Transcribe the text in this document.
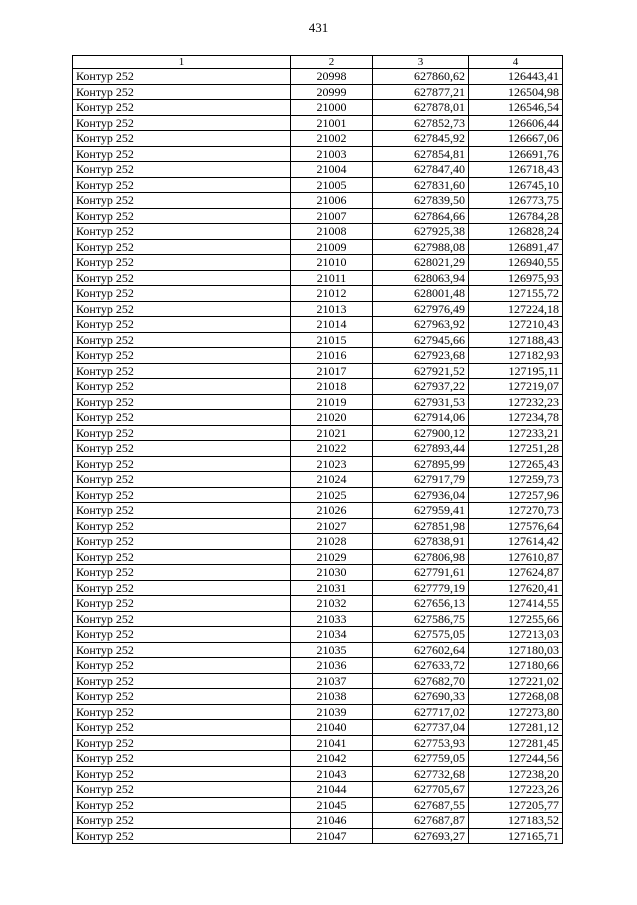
431
1	2	3	4
Контур 252	20998	627860,62	126443,41
Контур 252	20999	627877,21	126504,98
Контур 252	21000	627878,01	126546,54
Контур 252	21001	627852,73	126606,44
Контур 252	21002	627845,92	126667,06
Контур 252	21003	627854,81	126691,76
Контур 252	21004	627847,40	126718,43
Контур 252	21005	627831,60	126745,10
Контур 252	21006	627839,50	126773,75
Контур 252	21007	627864,66	126784,28
Контур 252	21008	627925,38	126828,24
Контур 252	21009	627988,08	126891,47
Контур 252	21010	628021,29	126940,55
Контур 252	21011	628063,94	126975,93
Контур 252	21012	628001,48	127155,72
Контур 252	21013	627976,49	127224,18
Контур 252	21014	627963,92	127210,43
Контур 252	21015	627945,66	127188,43
Контур 252	21016	627923,68	127182,93
Контур 252	21017	627921,52	127195,11
Контур 252	21018	627937,22	127219,07
Контур 252	21019	627931,53	127232,23
Контур 252	21020	627914,06	127234,78
Контур 252	21021	627900,12	127233,21
Контур 252	21022	627893,44	127251,28
Контур 252	21023	627895,99	127265,43
Контур 252	21024	627917,79	127259,73
Контур 252	21025	627936,04	127257,96
Контур 252	21026	627959,41	127270,73
Контур 252	21027	627851,98	127576,64
Контур 252	21028	627838,91	127614,42
Контур 252	21029	627806,98	127610,87
Контур 252	21030	627791,61	127624,87
Контур 252	21031	627779,19	127620,41
Контур 252	21032	627656,13	127414,55
Контур 252	21033	627586,75	127255,66
Контур 252	21034	627575,05	127213,03
Контур 252	21035	627602,64	127180,03
Контур 252	21036	627633,72	127180,66
Контур 252	21037	627682,70	127221,02
Контур 252	21038	627690,33	127268,08
Контур 252	21039	627717,02	127273,80
Контур 252	21040	627737,04	127281,12
Контур 252	21041	627753,93	127281,45
Контур 252	21042	627759,05	127244,56
Контур 252	21043	627732,68	127238,20
Контур 252	21044	627705,67	127223,26
Контур 252	21045	627687,55	127205,77
Контур 252	21046	627687,87	127183,52
Контур 252	21047	627693,27	127165,71
